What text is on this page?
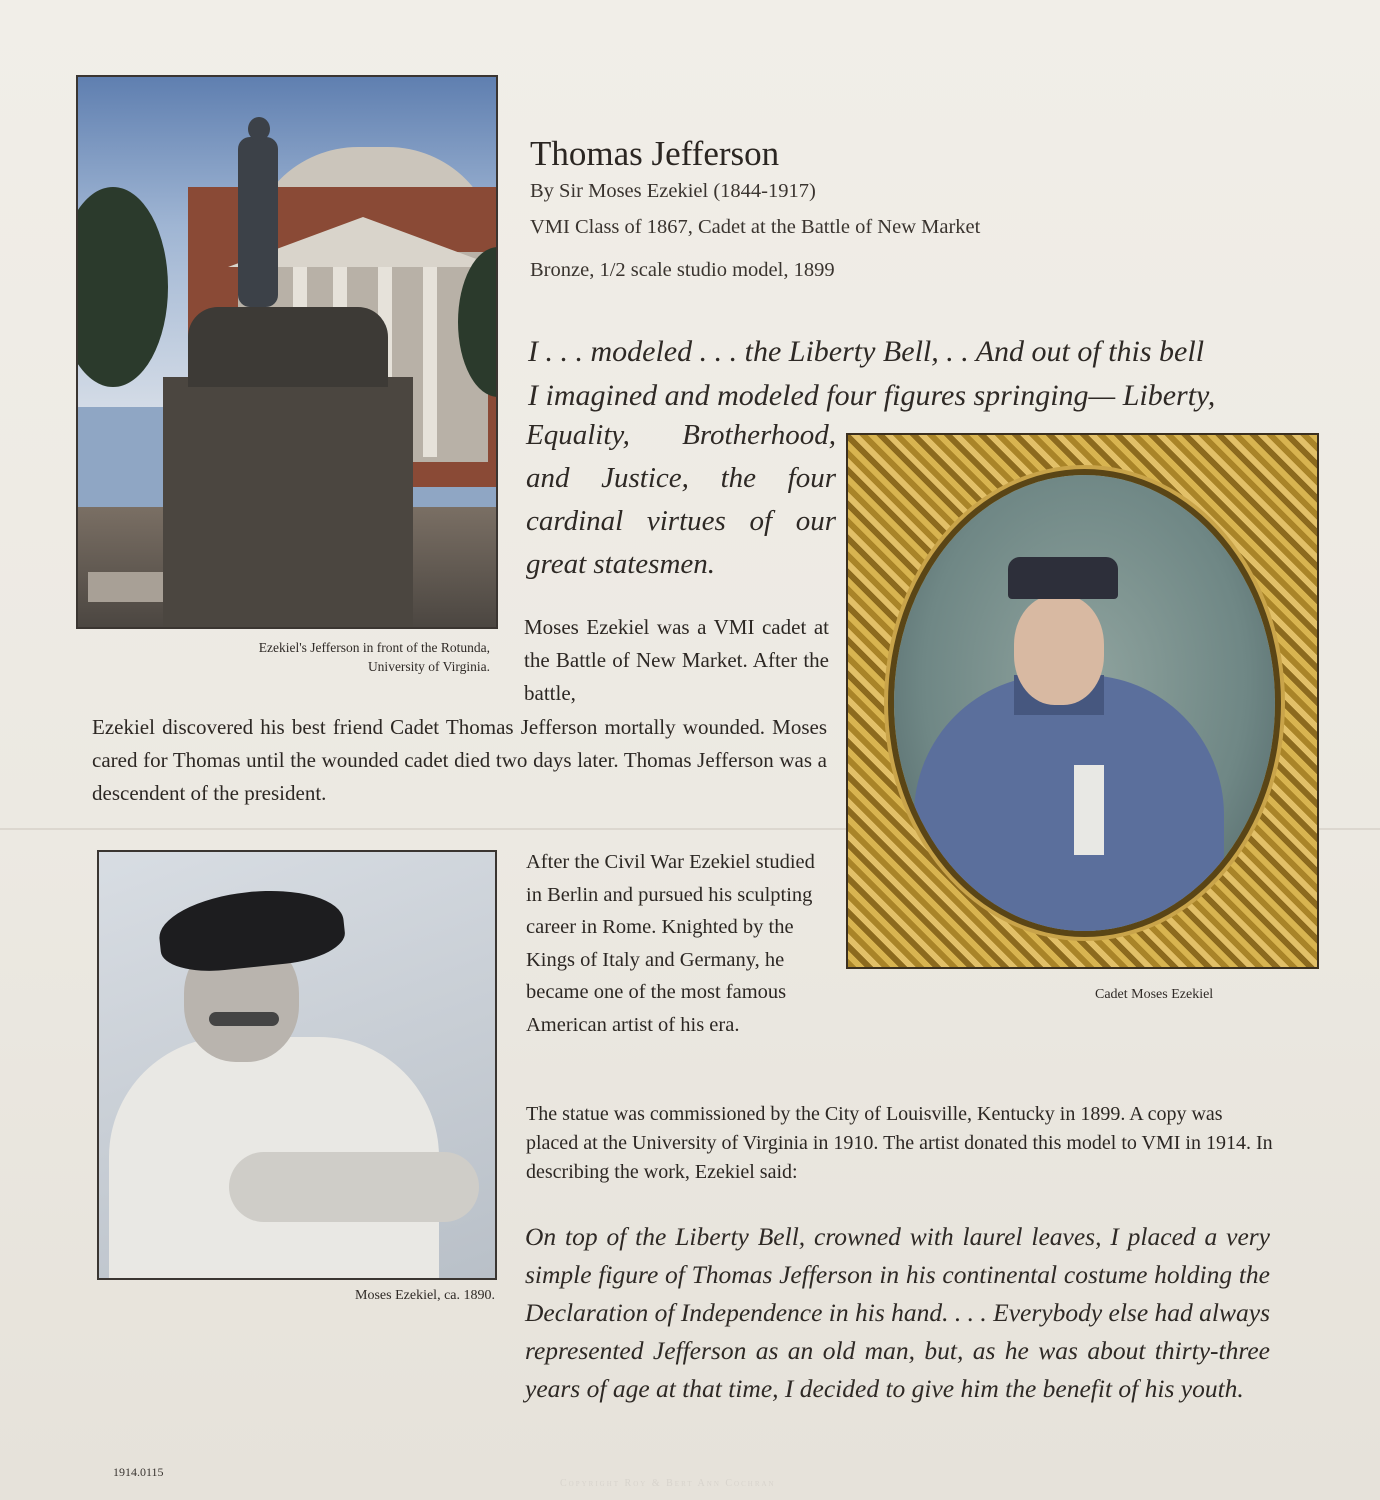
Ezekiel's Jefferson in front of the Rotunda,
University of Virginia.
Thomas Jefferson
By Sir Moses Ezekiel (1844-1917)
VMI Class of 1867, Cadet at the Battle of New Market
Bronze, 1/2 scale studio model, 1899
I . . . modeled . . . the Liberty Bell, . . And out of this bell
I imagined and modeled four figures springing— Liberty,
Equality, Brotherhood, and Justice, the four cardinal virtues of our great statesmen.
Cadet Moses Ezekiel
Moses Ezekiel was a VMI cadet at the Battle of New Market. After the battle,
Ezekiel discovered his best friend Cadet Thomas Jefferson mortally wounded. Moses cared for Thomas until the wounded cadet died two days later. Thomas Jefferson was a descendent of the president.
Moses Ezekiel, ca. 1890.
After the Civil War Ezekiel studied in Berlin and pursued his sculpting career in Rome. Knighted by the Kings of Italy and Germany, he became one of the most famous American artist of his era.
The statue was commissioned by the City of Louisville, Kentucky in 1899. A copy was placed at the University of Virginia in 1910. The artist donated this model to VMI in 1914. In describing the work, Ezekiel said:
On top of the Liberty Bell, crowned with laurel leaves, I placed a very simple figure of Thomas Jefferson in his continental costume holding the Declaration of Independence in his hand. . . . Everybody else had always represented Jefferson as an old man, but, as he was about thirty-three years of age at that time, I decided to give him the benefit of his youth.
1914.0115
Copyright Roy & Bert Ann Cochran
